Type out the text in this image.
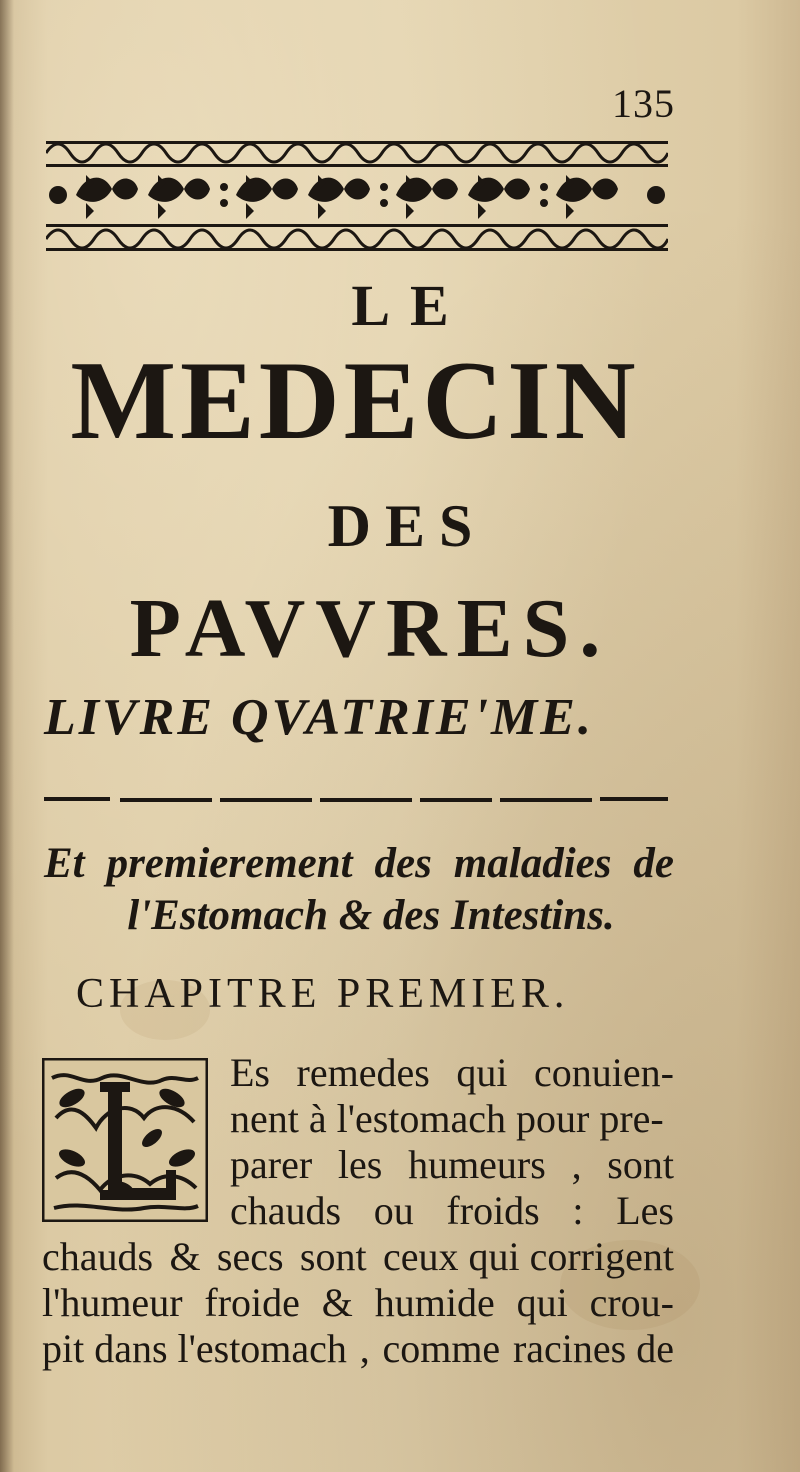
135
LE
MEDECIN
DES
PAVVRES.
LIVRE QVATRIE'ME.
Et premierement des maladies de
l'Estomach & des Intestins.
CHAPITRE PREMIER.
Es remedes qui conuien-
nent à l'estomach pour pre-
parer les humeurs , sont
chauds ou froids : Les
chauds & secs sont ceux qui corrigent
l'humeur froide & humide qui crou-
pit dans l'estomach , comme racines de
